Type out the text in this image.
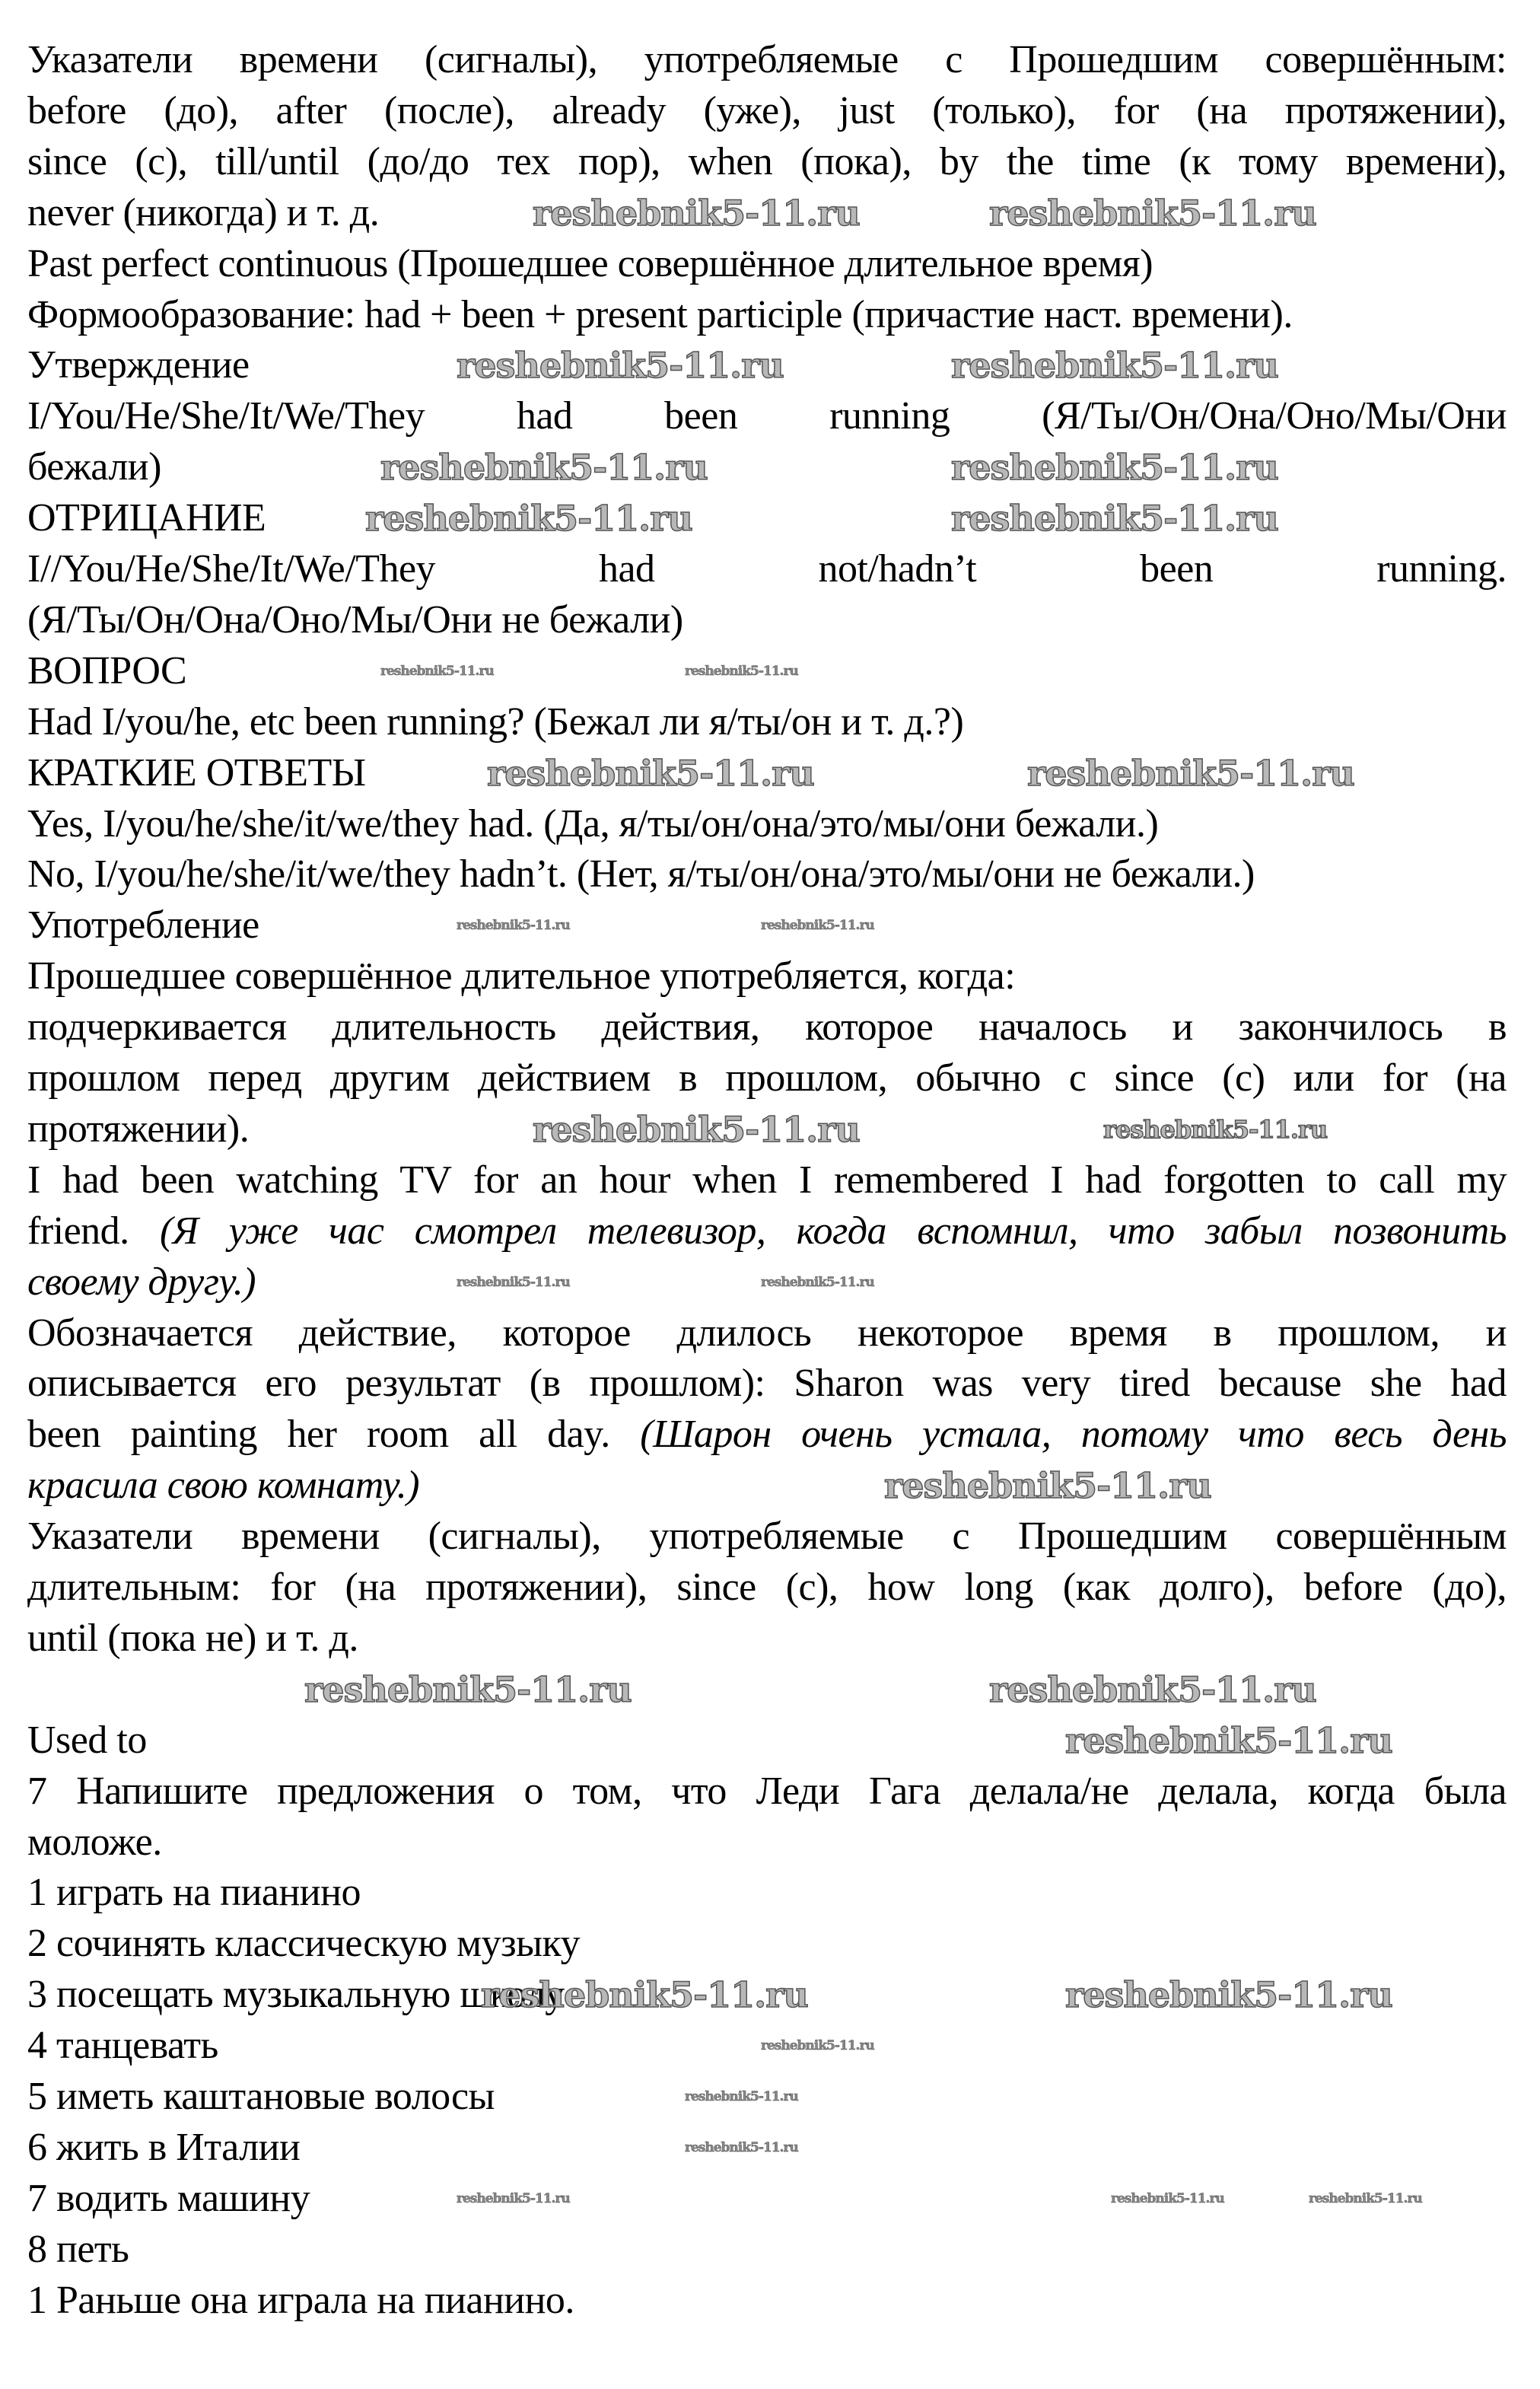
Указатели времени (сигналы), употребляемые с Прошедшим совершённым:
before (до), after (после), already (уже), just (только), for (на протяжении),
since (с), till/until (до/до тех пор), when (пока), by the time (к тому времени),
never (никогда) и т. д.
Past perfect continuous (Прошедшее совершённое длительное время)
Формообразование: had + been + present participle (причастие наст. времени).
Утверждение
I/You/He/She/It/We/They had been running (Я/Ты/Он/Она/Оно/Мы/Они
бежали)
ОТРИЦАНИЕ
I//You/He/She/It/We/They had not/hadn’t been running.
(Я/Ты/Он/Она/Оно/Мы/Они не бежали)
ВОПРОС
Had I/you/he, etc been running? (Бежал ли я/ты/он и т. д.?)
КРАТКИЕ ОТВЕТЫ
Yes, I/you/he/she/it/we/they had. (Да, я/ты/он/она/это/мы/они бежали.)
No, I/you/he/she/it/we/they hadn’t. (Нет, я/ты/он/она/это/мы/они не бежали.)
Употребление
Прошедшее совершённое длительное употребляется, когда:
подчеркивается длительность действия, которое началось и закончилось в
прошлом перед другим действием в прошлом, обычно с since (с) или for (на
протяжении).
I had been watching TV for an hour when I remembered I had forgotten to call my
friend. (Я уже час смотрел телевизор, когда вспомнил, что забыл позвонить
своему другу.)
Обозначается действие, которое длилось некоторое время в прошлом, и
описывается его результат (в прошлом): Sharon was very tired because she had
been painting her room all day. (Шарон очень устала, потому что весь день
красила свою комнату.)
Указатели времени (сигналы), употребляемые с Прошедшим совершённым
длительным: for (на протяжении), since (с), how long (как долго), before (до),
until (пока не) и т. д.
Used to
7 Напишите предложения о том, что Леди Гага делала/не делала, когда была
моложе.
1 играть на пианино
2 сочинять классическую музыку
3 посещать музыкальную школу
4 танцевать
5 иметь каштановые волосы
6 жить в Италии
7 водить машину
8 петь
1 Раньше она играла на пианино.
reshebnik5-11.ru	reshebnik5-11.ru
reshebnik5-11.ru	reshebnik5-11.ru
reshebnik5-11.ru	reshebnik5-11.ru
reshebnik5-11.ru	reshebnik5-11.ru
reshebnik5-11.ru	reshebnik5-11.ru
reshebnik5-11.ru	reshebnik5-11.ru
reshebnik5-11.ru
reshebnik5-11.ru	reshebnik5-11.ru
reshebnik5-11.ru
reshebnik5-11.ru	reshebnik5-11.ru
reshebnik5-11.ru	reshebnik5-11.ru
reshebnik5-11.ru	reshebnik5-11.ru
reshebnik5-11.ru	reshebnik5-11.ru
reshebnik5-11.ru
reshebnik5-11.ru
reshebnik5-11.ru
reshebnik5-11.ru	reshebnik5-11.ru	reshebnik5-11.ru
